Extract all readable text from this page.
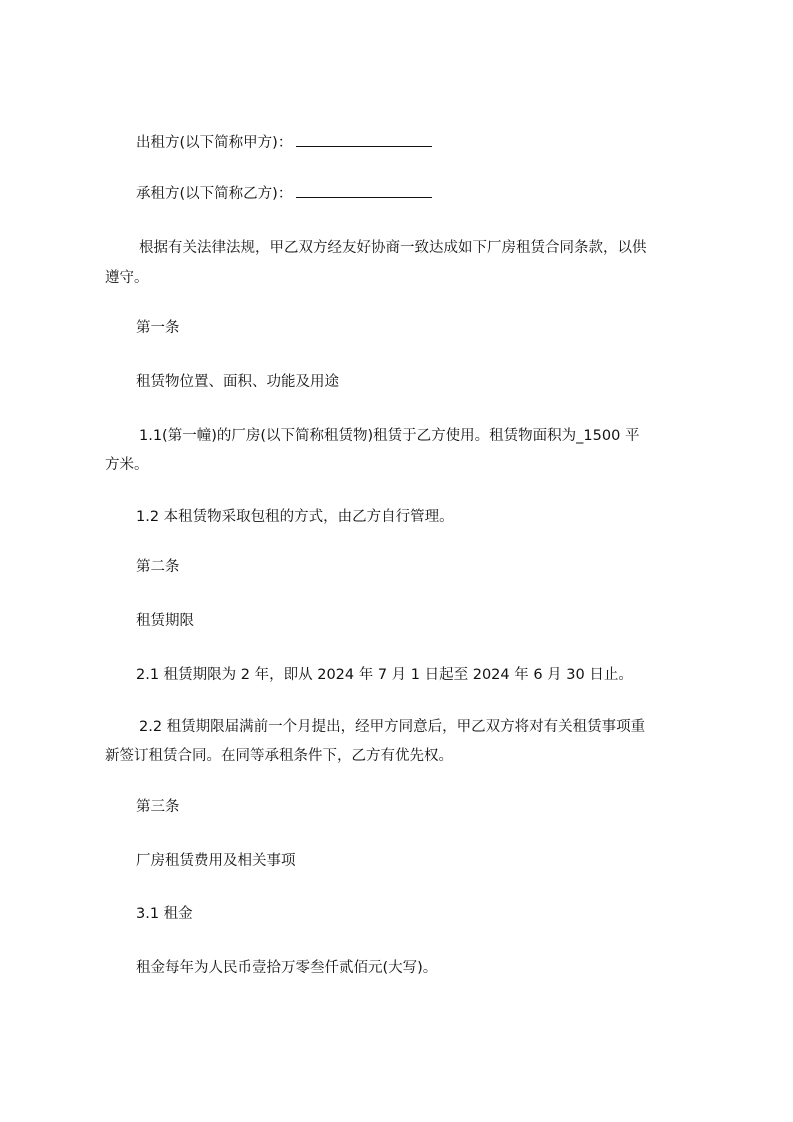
出租方(以下简称甲方)：
承租方(以下简称乙方)：
根据有关法律法规，甲乙双方经友好协商一致达成如下厂房租赁合同条款，以供
遵守。
第一条
租赁物位置、面积、功能及用途
1.1(第一幢)的厂房(以下简称租赁物)租赁于乙方使用。租赁物面积为_1500 平
方米。
1.2 本租赁物采取包租的方式，由乙方自行管理。
第二条
租赁期限
2.1 租赁期限为 2 年，即从 2024 年 7 月 1 日起至 2024 年 6 月 30 日止。
2.2 租赁期限届满前一个月提出，经甲方同意后，甲乙双方将对有关租赁事项重
新签订租赁合同。在同等承租条件下，乙方有优先权。
第三条
厂房租赁费用及相关事项
3.1 租金
租金每年为人民币壹拾万零叁仟贰佰元(大写)。
